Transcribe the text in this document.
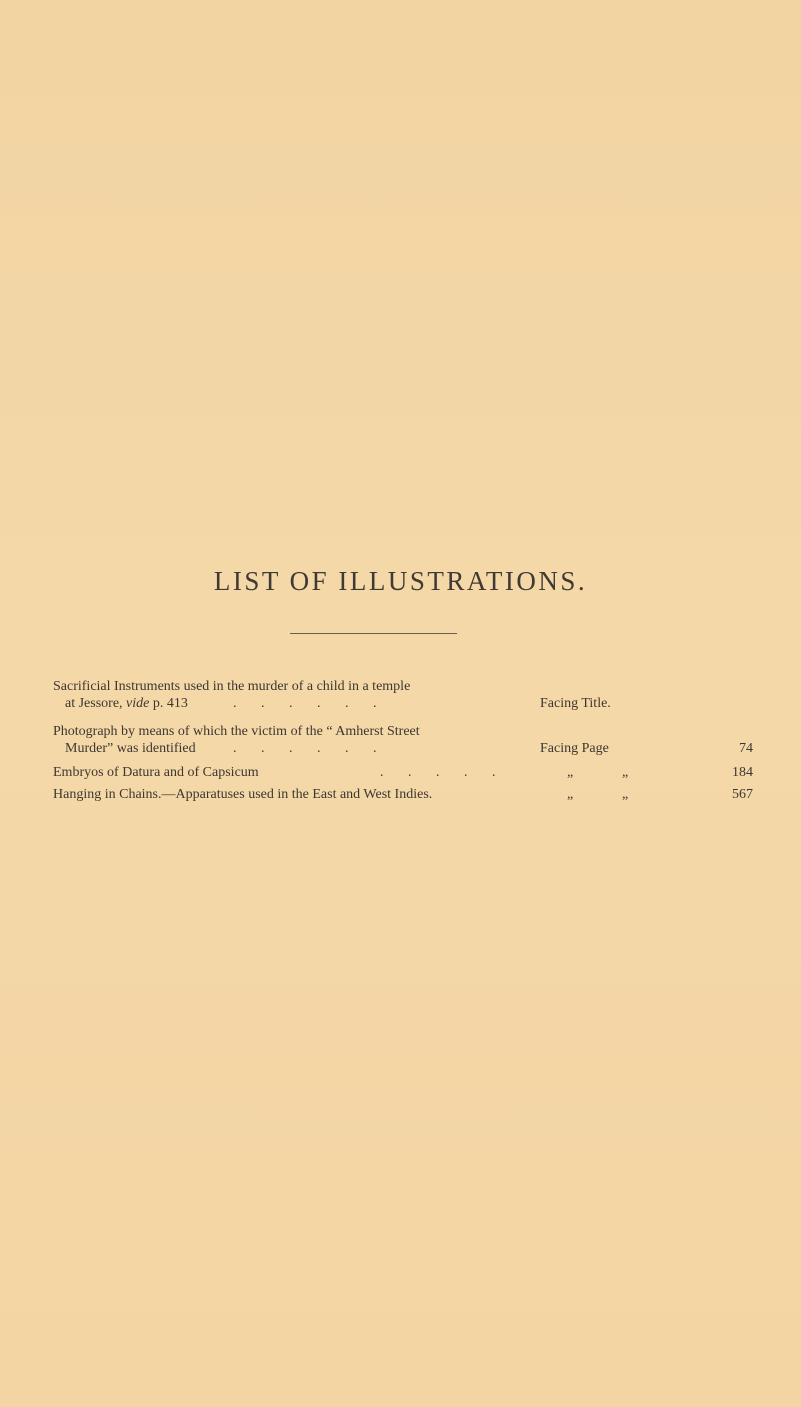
LIST OF ILLUSTRATIONS.
Sacrificial Instruments used in the murder of a child in a temple
at Jessore, vide p. 413	.       .       .       .       .       .	Facing Title.
Photograph by means of which the victim of the “ Amherst Street
Murder” was identified	.       .       .       .       .       .	Facing Page	74
Embryos of Datura and of Capsicum	.       .       .       .       .	„	„	184
Hanging in Chains.—Apparatuses used in the East and West Indies.	„	„	567
